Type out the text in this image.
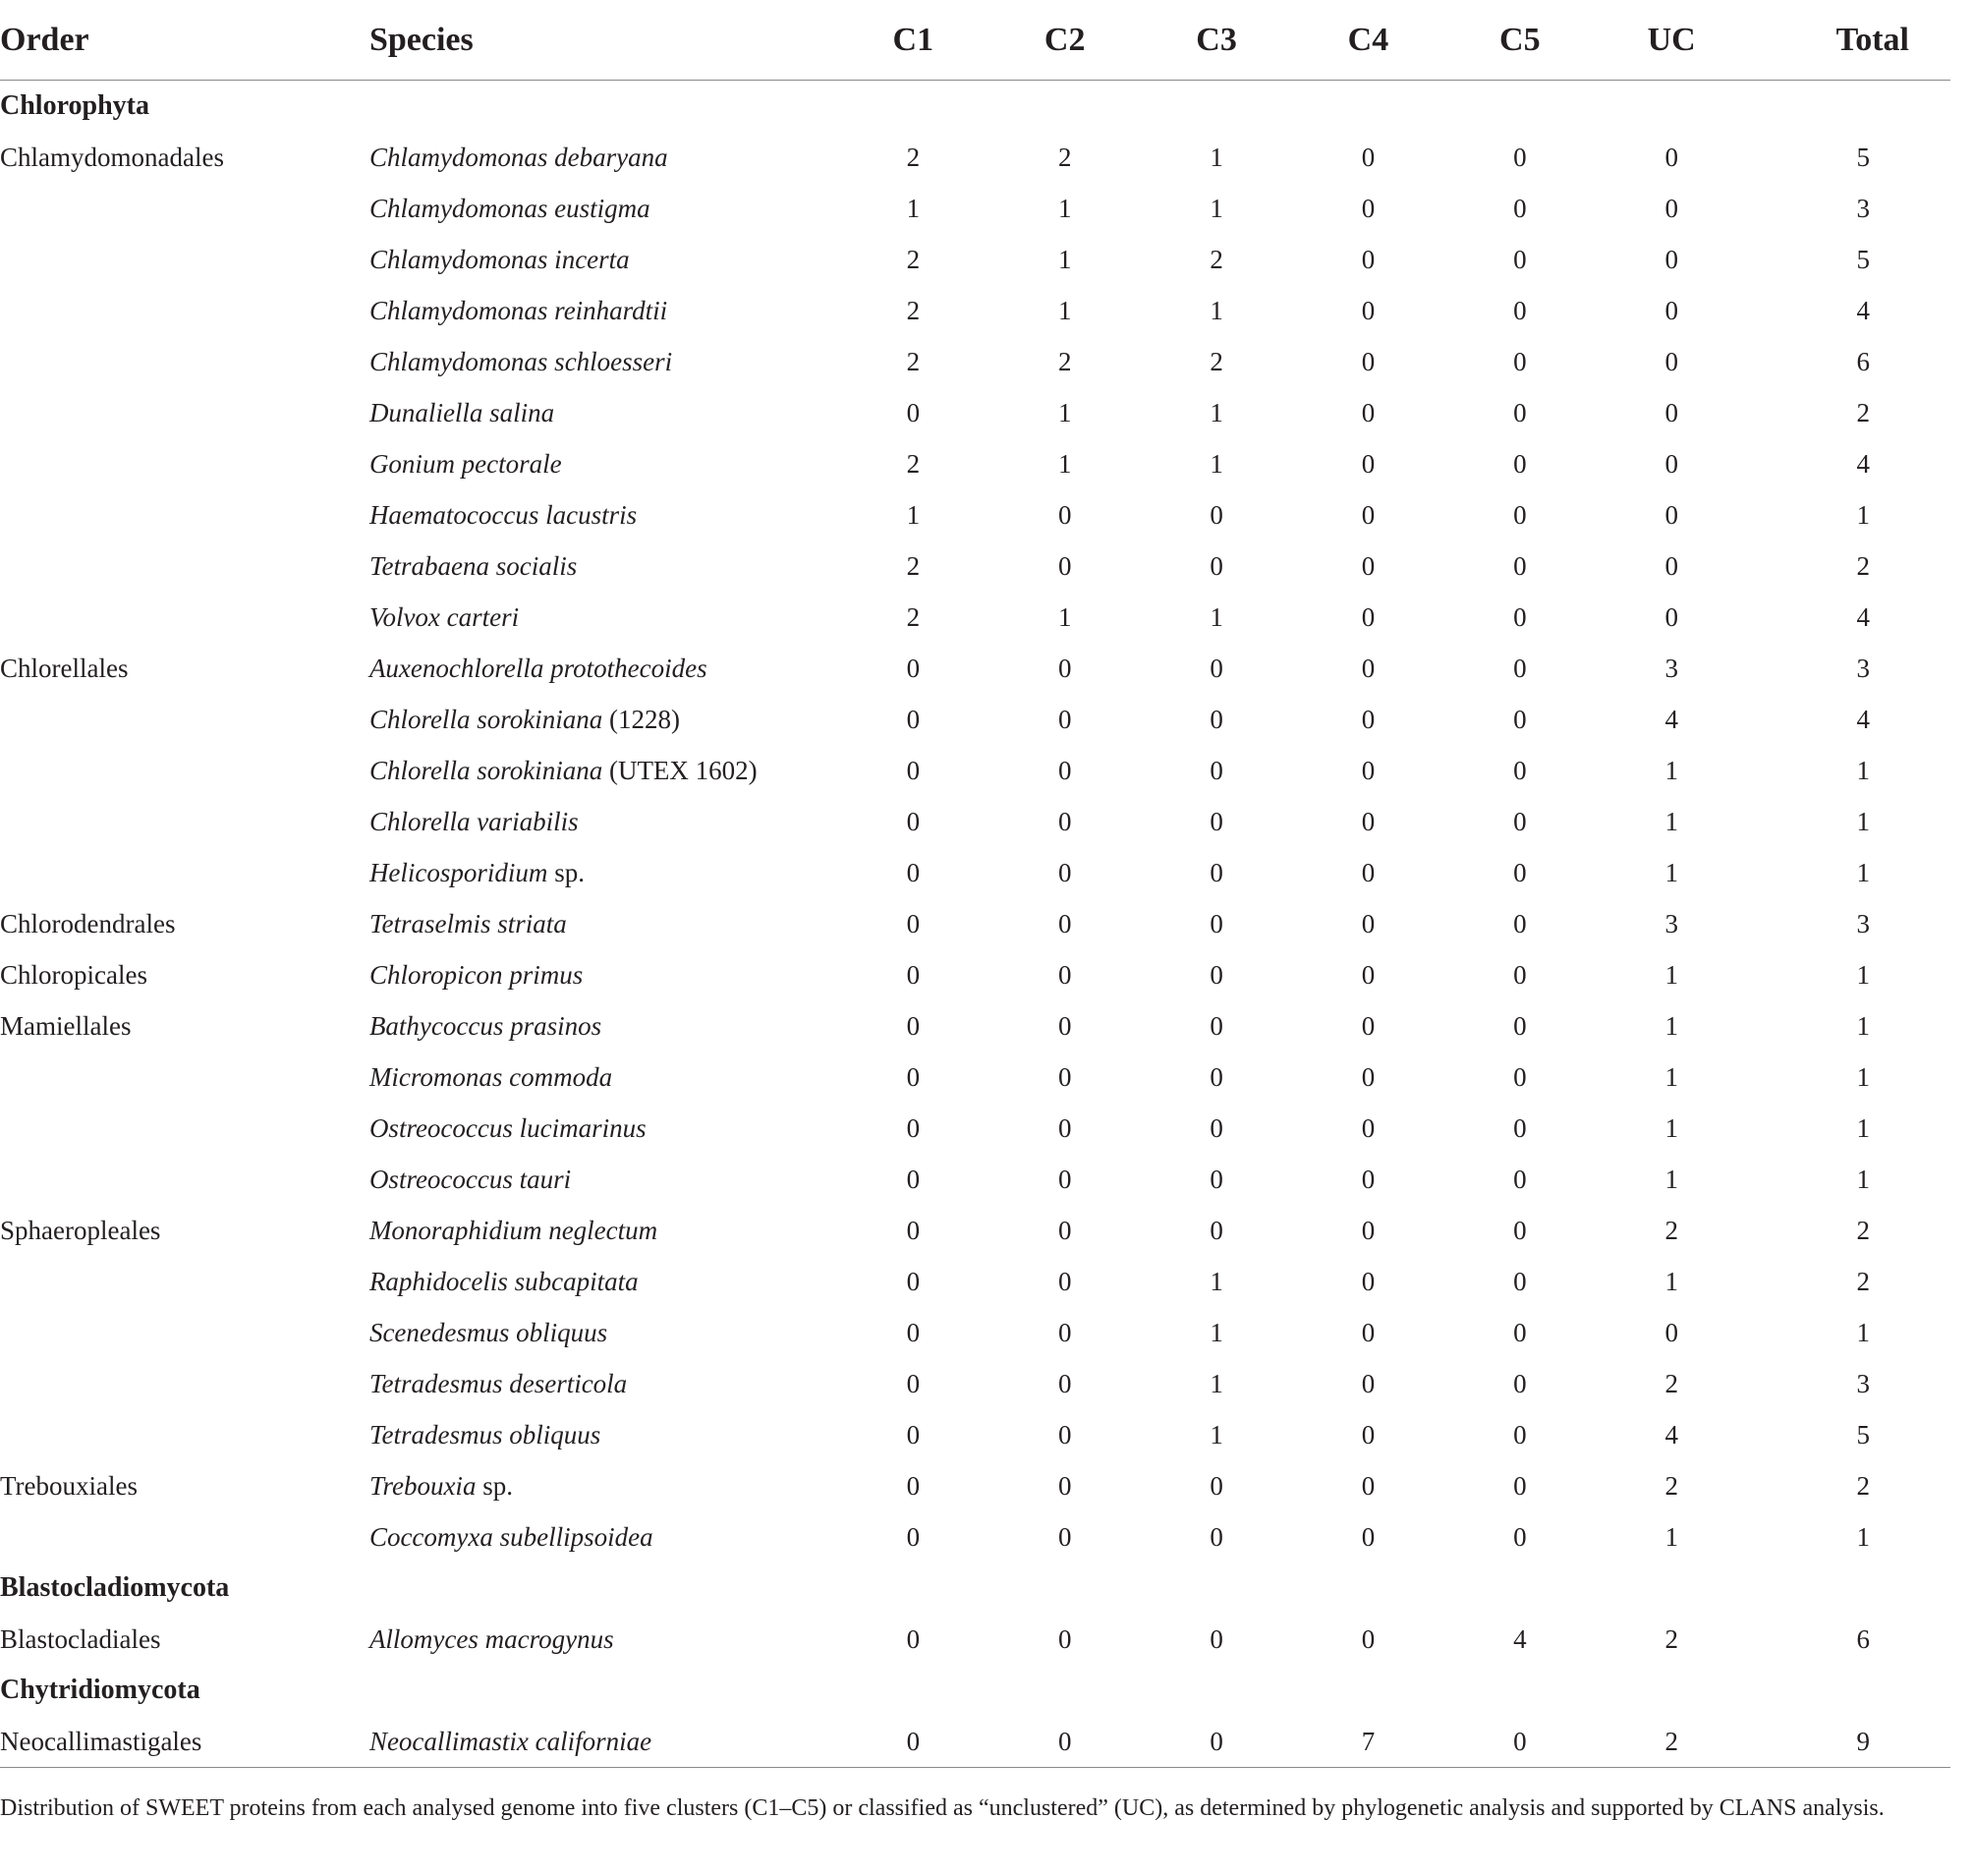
Order	Species	C1	C2	C3	C4	C5	UC	Total
Chlorophyta								
Chlamydomonadales	Chlamydomonas debaryana	2	2	1	0	0	0	5
	Chlamydomonas eustigma	1	1	1	0	0	0	3
	Chlamydomonas incerta	2	1	2	0	0	0	5
	Chlamydomonas reinhardtii	2	1	1	0	0	0	4
	Chlamydomonas schloesseri	2	2	2	0	0	0	6
	Dunaliella salina	0	1	1	0	0	0	2
	Gonium pectorale	2	1	1	0	0	0	4
	Haematococcus lacustris	1	0	0	0	0	0	1
	Tetrabaena socialis	2	0	0	0	0	0	2
	Volvox carteri	2	1	1	0	0	0	4
Chlorellales	Auxenochlorella protothecoides	0	0	0	0	0	3	3
	Chlorella sorokiniana (1228)	0	0	0	0	0	4	4
	Chlorella sorokiniana (UTEX 1602)	0	0	0	0	0	1	1
	Chlorella variabilis	0	0	0	0	0	1	1
	Helicosporidium sp.	0	0	0	0	0	1	1
Chlorodendrales	Tetraselmis striata	0	0	0	0	0	3	3
Chloropicales	Chloropicon primus	0	0	0	0	0	1	1
Mamiellales	Bathycoccus prasinos	0	0	0	0	0	1	1
	Micromonas commoda	0	0	0	0	0	1	1
	Ostreococcus lucimarinus	0	0	0	0	0	1	1
	Ostreococcus tauri	0	0	0	0	0	1	1
Sphaeropleales	Monoraphidium neglectum	0	0	0	0	0	2	2
	Raphidocelis subcapitata	0	0	1	0	0	1	2
	Scenedesmus obliquus	0	0	1	0	0	0	1
	Tetradesmus deserticola	0	0	1	0	0	2	3
	Tetradesmus obliquus	0	0	1	0	0	4	5
Trebouxiales	Trebouxia sp.	0	0	0	0	0	2	2
	Coccomyxa subellipsoidea	0	0	0	0	0	1	1
Blastocladiomycota								
Blastocladiales	Allomyces macrogynus	0	0	0	0	4	2	6
Chytridiomycota								
Neocallimastigales	Neocallimastix californiae	0	0	0	7	0	2	9
Distribution of SWEET proteins from each analysed genome into five clusters (C1–C5) or classified as “unclustered” (UC), as determined by phylogenetic analysis and supported by CLANS analysis.
